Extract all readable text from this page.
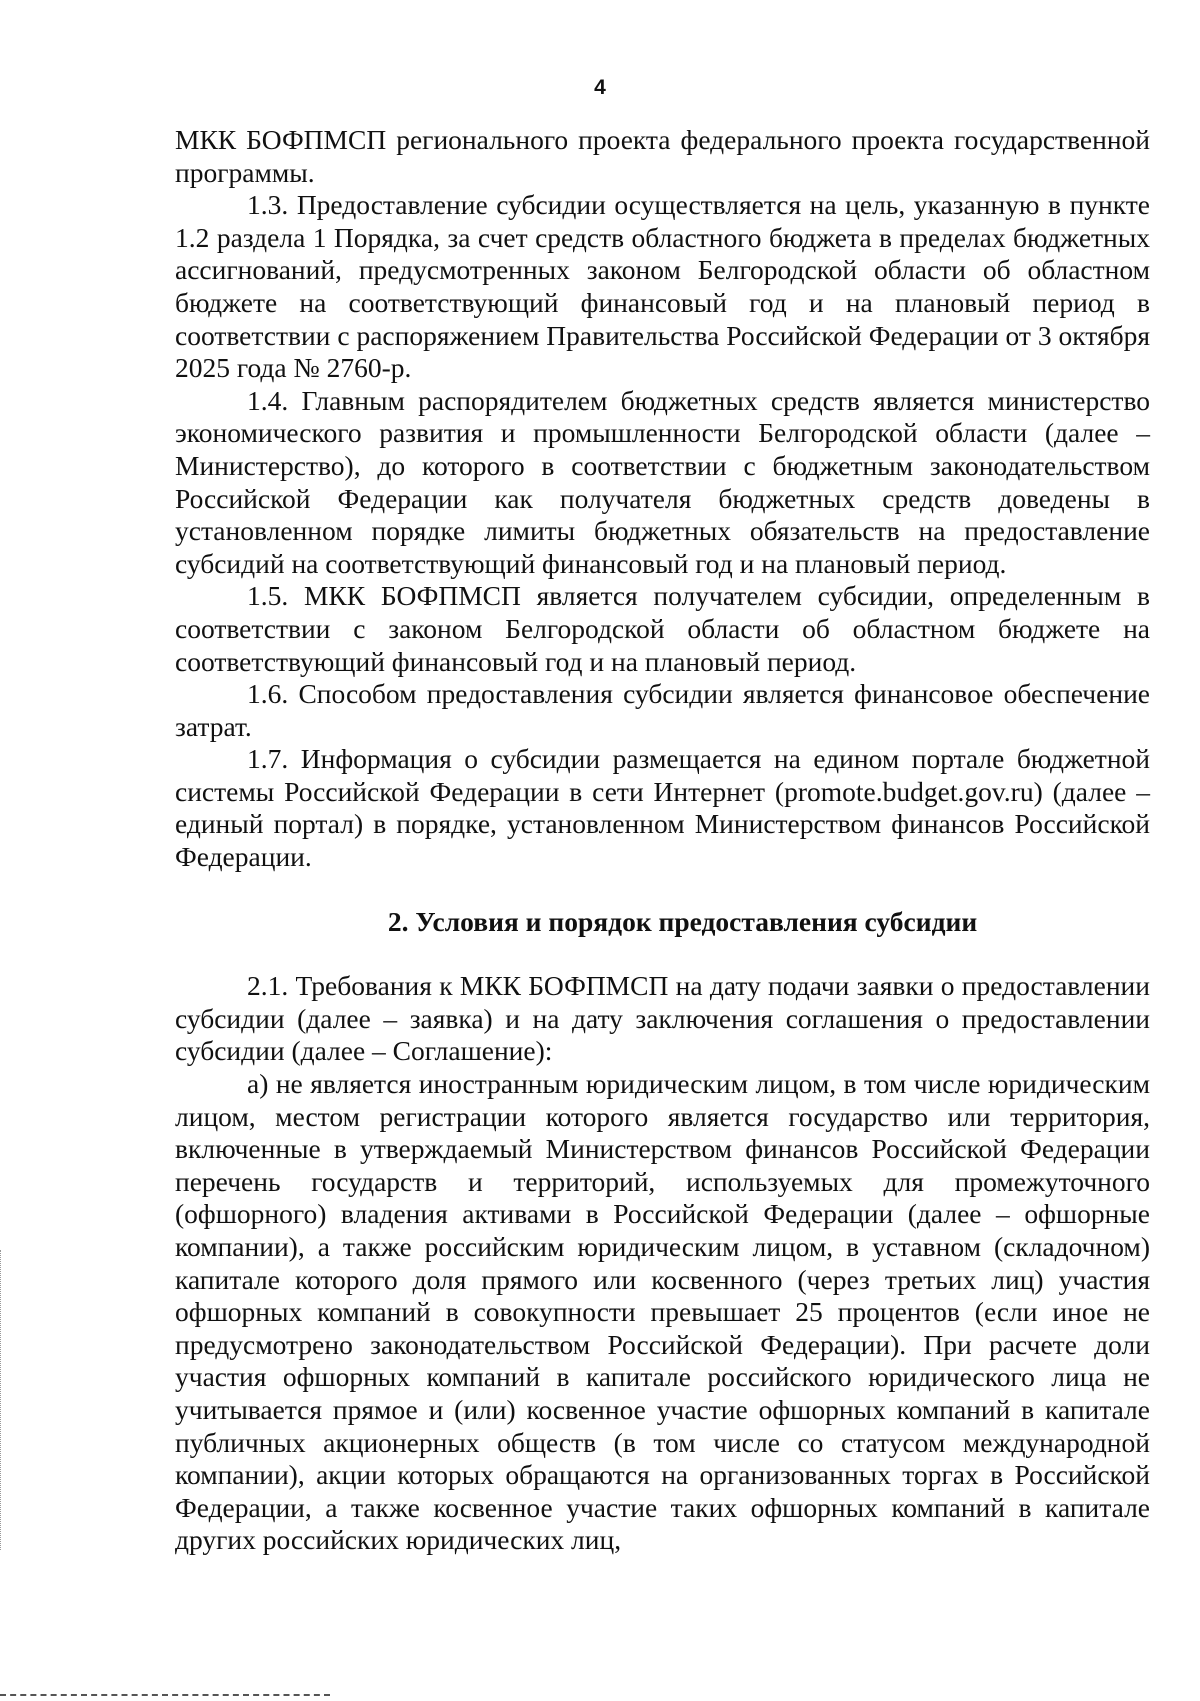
4

МКК БОФПМСП регионального проекта федерального проекта государственной программы.

1.3. Предоставление субсидии осуществляется на цель, указанную в пункте 1.2 раздела 1 Порядка, за счет средств областного бюджета в пределах бюджетных ассигнований, предусмотренных законом Белгородской области об областном бюджете на соответствующий финансовый год и на плановый период в соответствии с распоряжением Правительства Российской Федерации от 3 октября 2025 года № 2760-р.

1.4. Главным распорядителем бюджетных средств является министерство экономического развития и промышленности Белгородской области (далее – Министерство), до которого в соответствии с бюджетным законодательством Российской Федерации как получателя бюджетных средств доведены в установленном порядке лимиты бюджетных обязательств на предоставление субсидий на соответствующий финансовый год и на плановый период.

1.5. МКК БОФПМСП является получателем субсидии, определенным в соответствии с законом Белгородской области об областном бюджете на соответствующий финансовый год и на плановый период.

1.6. Способом предоставления субсидии является финансовое обеспечение затрат.

1.7. Информация о субсидии размещается на едином портале бюджетной системы Российской Федерации в сети Интернет (promote.budget.gov.ru) (далее – единый портал) в порядке, установленном Министерством финансов Российской Федерации.

2. Условия и порядок предоставления субсидии

2.1. Требования к МКК БОФПМСП на дату подачи заявки о предоставлении субсидии (далее – заявка) и на дату заключения соглашения о предоставлении субсидии (далее – Соглашение):

а) не является иностранным юридическим лицом, в том числе юридическим лицом, местом регистрации которого является государство или территория, включенные в утверждаемый Министерством финансов Российской Федерации перечень государств и территорий, используемых для промежуточного (офшорного) владения активами в Российской Федерации (далее – офшорные компании), а также российским юридическим лицом, в уставном (складочном) капитале которого доля прямого или косвенного (через третьих лиц) участия офшорных компаний в совокупности превышает 25 процентов (если иное не предусмотрено законодательством Российской Федерации). При расчете доли участия офшорных компаний в капитале российского юридического лица не учитывается прямое и (или) косвенное участие офшорных компаний в капитале публичных акционерных обществ (в том числе со статусом международной компании), акции которых обращаются на организованных торгах в Российской Федерации, а также косвенное участие таких офшорных компаний в капитале других российских юридических лиц,
